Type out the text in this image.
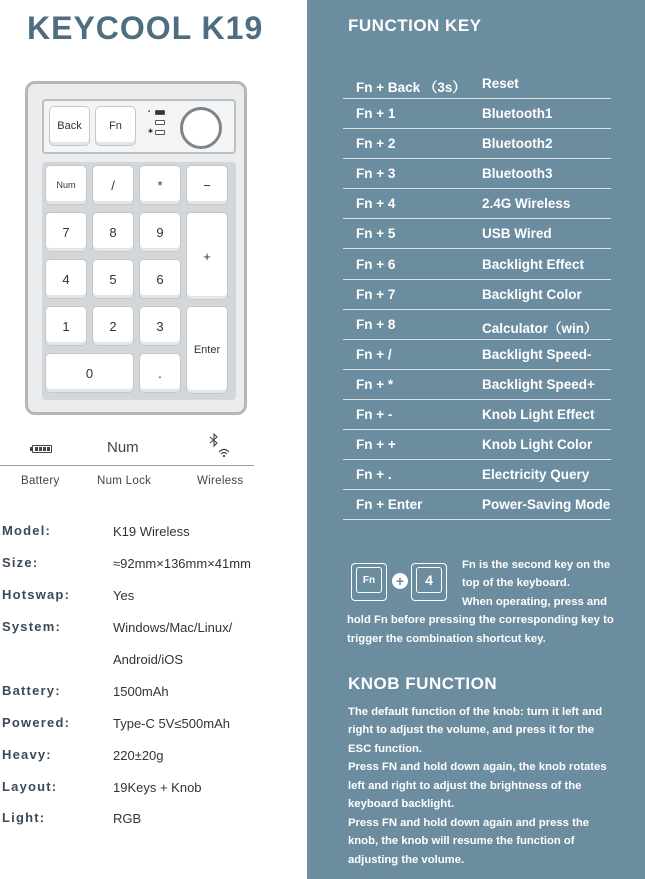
KEYCOOL K19
Back	Fn
▪
✱
Num	/	*	−
7	8	9
+
4	5	6
1	2	3
Enter
0	.
Num
Battery	Num Lock	Wireless
Model:	K19 Wireless
Size:	≈92mm×136mm×41mm
Hotswap:	Yes
System:	Windows/Mac/Linux/
Android/iOS
Battery:	1500mAh
Powered:	Type-C 5V≤500mAh
Heavy:	220±20g
Layout:	19Keys + Knob
Light:	RGB
FUNCTION KEY
Fn + Back （3s） Reset
Fn + 1	Bluetooth1
Fn + 2	Bluetooth2
Fn + 3	Bluetooth3
Fn + 4	2.4G Wireless
Fn + 5	USB Wired
Fn + 6	Backlight Effect
Fn + 7	Backlight Color
Fn + 8	Calculator（win）
Fn + /	Backlight Speed-
Fn + *	Backlight Speed+
Fn + -	Knob Light Effect
Fn + +	Knob Light Color
Fn + .	Electricity Query
Fn + Enter	Power-Saving Mode
Fn	+	4
Fn is the second key on the
top of the keyboard.
When operating, press and
hold Fn before pressing the corresponding key to
trigger the combination shortcut key.
KNOB FUNCTION
The default function of the knob: turn it left and
right to adjust the volume, and press it for the
ESC function.
Press FN and hold down again, the knob rotates
left and right to adjust the brightness of the
keyboard backlight.
Press FN and hold down again and press the
knob, the knob will resume the function of
adjusting the volume.
